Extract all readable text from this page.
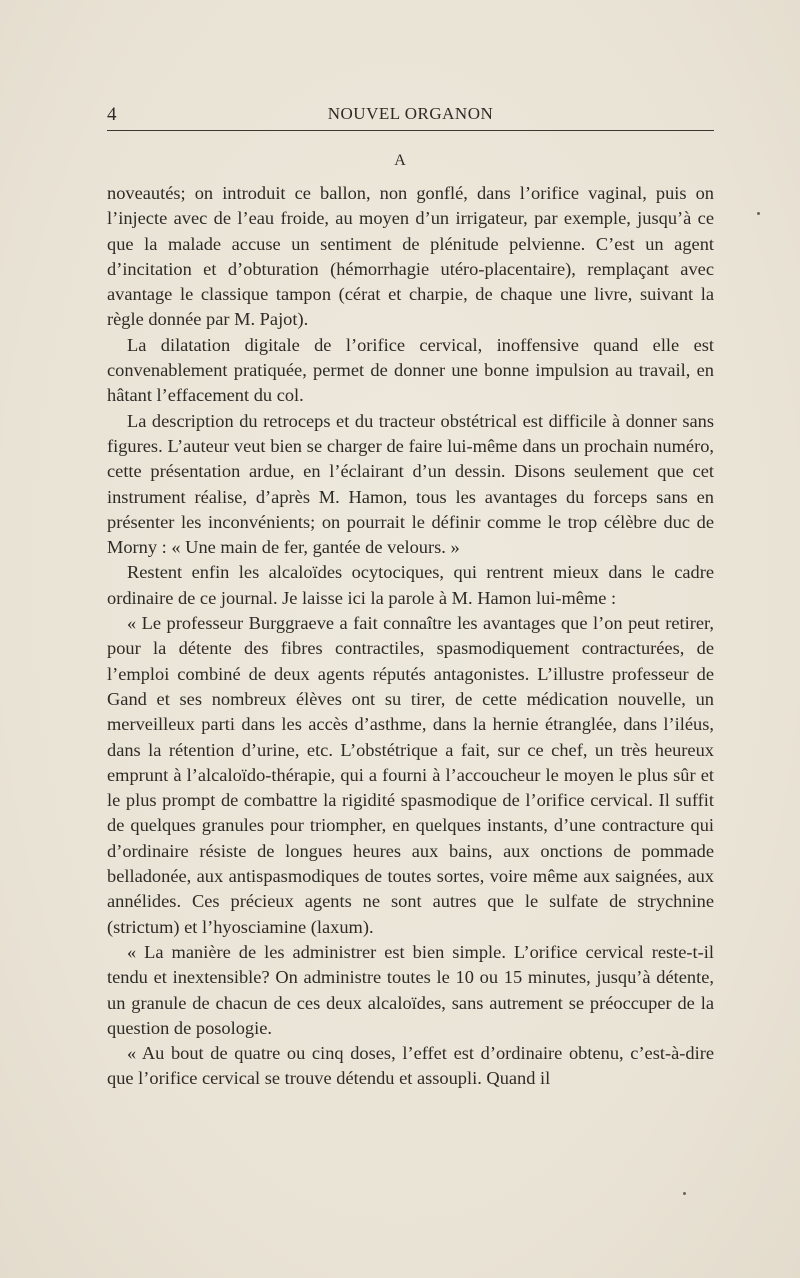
4	NOUVEL ORGANON
A

noveautés; on introduit ce ballon, non gonflé, dans l’orifice vaginal, puis on l’injecte avec de l’eau froide, au moyen d’un irrigateur, par exemple, jusqu’à ce que la malade accuse un sentiment de plénitude pelvienne. C’est un agent d’incitation et d’obturation (hémorrhagie utéro-placentaire), remplaçant avec avantage le classique tampon (cérat et charpie, de chaque une livre, suivant la règle donnée par M. Pajot).

La dilatation digitale de l’orifice cervical, inoffensive quand elle est convenablement pratiquée, permet de donner une bonne impulsion au travail, en hâtant l’effacement du col.

La description du retroceps et du tracteur obstétrical est difficile à donner sans figures. L’auteur veut bien se charger de faire lui-même dans un prochain numéro, cette présentation ardue, en l’éclairant d’un dessin. Disons seulement que cet instrument réalise, d’après M. Hamon, tous les avantages du forceps sans en présenter les inconvénients; on pourrait le définir comme le trop célèbre duc de Morny : « Une main de fer, gantée de velours. »

Restent enfin les alcaloïdes ocytociques, qui rentrent mieux dans le cadre ordinaire de ce journal. Je laisse ici la parole à M. Hamon lui-même :

« Le professeur Burggraeve a fait connaître les avantages que l’on peut retirer, pour la détente des fibres contractiles, spasmodiquement contracturées, de l’emploi combiné de deux agents réputés antagonistes. L’illustre professeur de Gand et ses nombreux élèves ont su tirer, de cette médication nouvelle, un merveilleux parti dans les accès d’asthme, dans la hernie étranglée, dans l’iléus, dans la rétention d’urine, etc. L’obstétrique a fait, sur ce chef, un très heureux emprunt à l’alcaloïdo-thérapie, qui a fourni à l’accoucheur le moyen le plus sûr et le plus prompt de combattre la rigidité spasmodique de l’orifice cervical. Il suffit de quelques granules pour triompher, en quelques instants, d’une contracture qui d’ordinaire résiste de longues heures aux bains, aux onctions de pommade belladonée, aux antispasmodiques de toutes sortes, voire même aux saignées, aux annélides. Ces précieux agents ne sont autres que le sulfate de strychnine (strictum) et l’hyosciamine (laxum).

« La manière de les administrer est bien simple. L’orifice cervical reste-t-il tendu et inextensible? On administre toutes le 10 ou 15 minutes, jusqu’à détente, un granule de chacun de ces deux alcaloïdes, sans autrement se préoccuper de la question de posologie.

« Au bout de quatre ou cinq doses, l’effet est d’ordinaire obtenu, c’est-à-dire que l’orifice cervical se trouve détendu et assoupli. Quand il
